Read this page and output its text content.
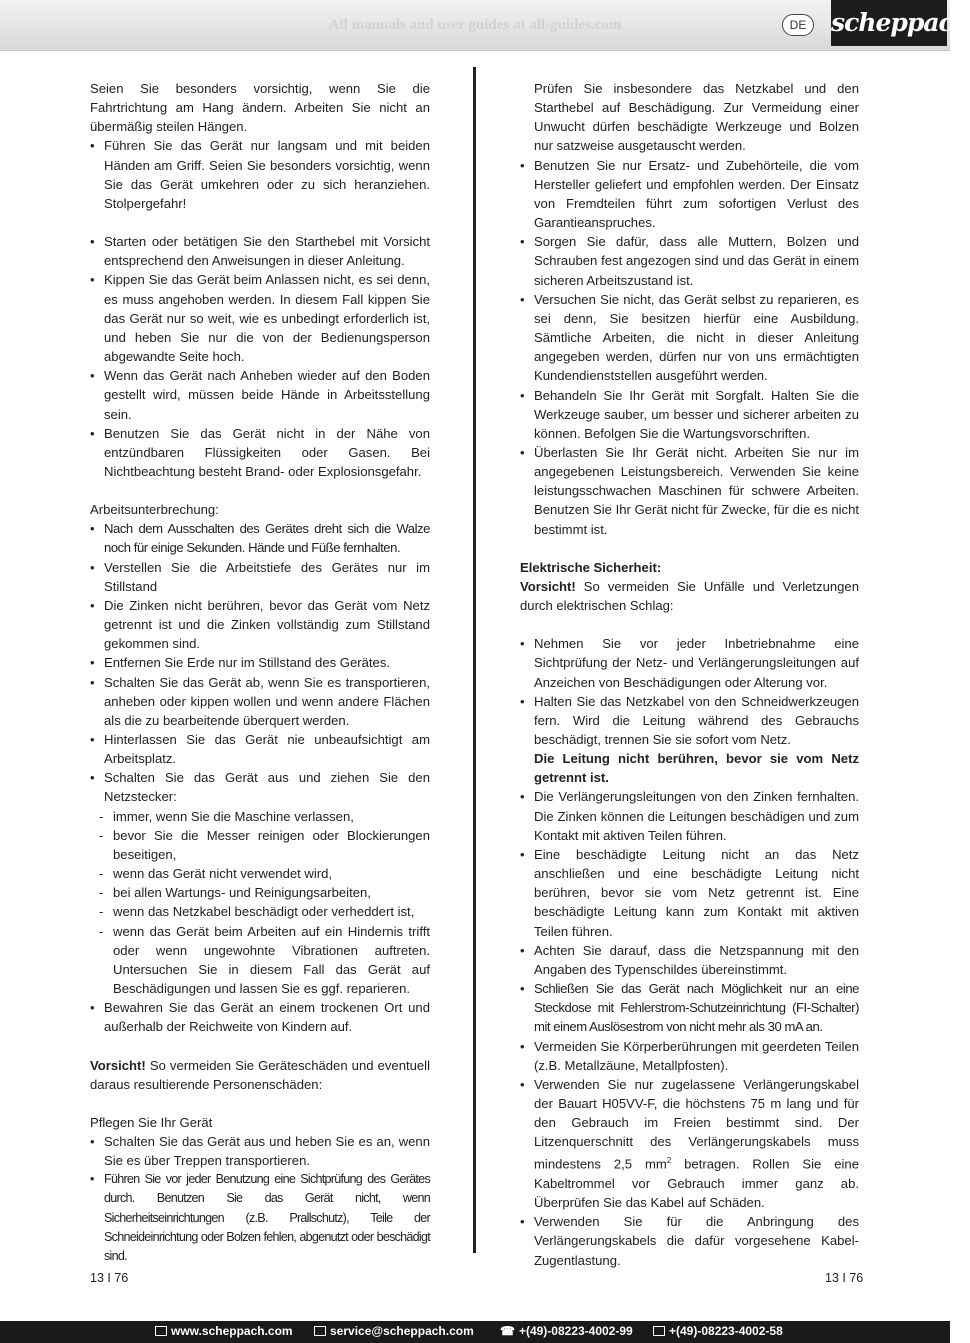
All manuals and user guides at all-guides.com	DE scheppach

Seien Sie besonders vorsichtig, wenn Sie die Fahrtrichtung am Hang ändern. Arbeiten Sie nicht an übermäßig steilen Hängen.

• Führen Sie das Gerät nur langsam und mit beiden Händen am Griff. Seien Sie besonders vorsichtig, wenn Sie das Gerät umkehren oder zu sich heranziehen. Stolpergefahr!
• Starten oder betätigen Sie den Starthebel mit Vorsicht entsprechend den Anweisungen in dieser Anleitung.
• Kippen Sie das Gerät beim Anlassen nicht, es sei denn, es muss angehoben werden. In diesem Fall kippen Sie das Gerät nur so weit, wie es unbedingt erforderlich ist, und heben Sie nur die von der Bedienungsperson abgewandte Seite hoch.
• Wenn das Gerät nach Anheben wieder auf den Boden gestellt wird, müssen beide Hände in Arbeitsstellung sein.
• Benutzen Sie das Gerät nicht in der Nähe von entzündbaren Flüssigkeiten oder Gasen. Bei Nichtbeachtung besteht Brand- oder Explosionsgefahr.

Arbeitsunterbrechung:

• Nach dem Ausschalten des Gerätes dreht sich die Walze noch für einige Sekunden. Hände und Füße fernhalten.
• Verstellen Sie die Arbeitstiefe des Gerätes nur im Stillstand
• Die Zinken nicht berühren, bevor das Gerät vom Netz getrennt ist und die Zinken vollständig zum Stillstand gekommen sind.
• Entfernen Sie Erde nur im Stillstand des Gerätes.
• Schalten Sie das Gerät ab, wenn Sie es transportieren, anheben oder kippen wollen und wenn andere Flächen als die zu bearbeitende überquert werden.
• Hinterlassen Sie das Gerät nie unbeaufsichtigt am Arbeitsplatz.
• Schalten Sie das Gerät aus und ziehen Sie den Netzstecker:
- immer, wenn Sie die Maschine verlassen,
- bevor Sie die Messer reinigen oder Blockierungen beseitigen,
- wenn das Gerät nicht verwendet wird,
- bei allen Wartungs- und Reinigungsarbeiten,
- wenn das Netzkabel beschädigt oder verheddert ist,
- wenn das Gerät beim Arbeiten auf ein Hindernis trifft oder wenn ungewohnte Vibrationen auftreten. Untersuchen Sie in diesem Fall das Gerät auf Beschädigungen und lassen Sie es ggf. reparieren.
• Bewahren Sie das Gerät an einem trockenen Ort und außerhalb der Reichweite von Kindern auf.

Vorsicht! So vermeiden Sie Geräteschäden und eventuell daraus resultierende Personenschäden:

Pflegen Sie Ihr Gerät

• Schalten Sie das Gerät aus und heben Sie es an, wenn Sie es über Treppen transportieren.
• Führen Sie vor jeder Benutzung eine Sichtprüfung des Gerätes durch. Benutzen Sie das Gerät nicht, wenn Sicherheitseinrichtungen (z.B. Prallschutz), Teile der Schneideinrichtung oder Bolzen fehlen, abgenutzt oder beschädigt sind.
Prüfen Sie insbesondere das Netzkabel und den Starthebel auf Beschädigung. Zur Vermeidung einer Unwucht dürfen beschädigte Werkzeuge und Bolzen nur satzweise ausgetauscht werden.
• Benutzen Sie nur Ersatz- und Zubehörteile, die vom Hersteller geliefert und empfohlen werden. Der Einsatz von Fremdteilen führt zum sofortigen Verlust des Garantieanspruches.
• Sorgen Sie dafür, dass alle Muttern, Bolzen und Schrauben fest angezogen sind und das Gerät in einem sicheren Arbeitszustand ist.
• Versuchen Sie nicht, das Gerät selbst zu reparieren, es sei denn, Sie besitzen hierfür eine Ausbildung. Sämtliche Arbeiten, die nicht in dieser Anleitung angegeben werden, dürfen nur von uns ermächtigten Kundendienststellen ausgeführt werden.
• Behandeln Sie Ihr Gerät mit Sorgfalt. Halten Sie die Werkzeuge sauber, um besser und sicherer arbeiten zu können. Befolgen Sie die Wartungsvorschriften.
• Überlasten Sie Ihr Gerät nicht. Arbeiten Sie nur im angegebenen Leistungsbereich. Verwenden Sie keine leistungsschwachen Maschinen für schwere Arbeiten. Benutzen Sie Ihr Gerät nicht für Zwecke, für die es nicht bestimmt ist.

Elektrische Sicherheit:

Vorsicht! So vermeiden Sie Unfälle und Verletzungen durch elektrischen Schlag:

• Nehmen Sie vor jeder Inbetriebnahme eine Sichtprüfung der Netz- und Verlängerungsleitungen auf Anzeichen von Beschädigungen oder Alterung vor.
• Halten Sie das Netzkabel von den Schneidwerkzeugen fern. Wird die Leitung während des Gebrauchs beschädigt, trennen Sie sie sofort vom Netz.
Die Leitung nicht berühren, bevor sie vom Netz getrennt ist.
• Die Verlängerungsleitungen von den Zinken fernhalten. Die Zinken können die Leitungen beschädigen und zum Kontakt mit aktiven Teilen führen.
• Eine beschädigte Leitung nicht an das Netz anschließen und eine beschädigte Leitung nicht berühren, bevor sie vom Netz getrennt ist. Eine beschädigte Leitung kann zum Kontakt mit aktiven Teilen führen.
• Achten Sie darauf, dass die Netzspannung mit den Angaben des Typenschildes übereinstimmt.
• Schließen Sie das Gerät nach Möglichkeit nur an eine Steckdose mit Fehlerstrom-Schutzeinrichtung (FI-Schalter) mit einem Auslösestrom von nicht mehr als 30 mA an.
• Vermeiden Sie Körperberührungen mit geerdeten Teilen (z.B. Metallzäune, Metallpfosten).
• Verwenden Sie nur zugelassene Verlängerungskabel der Bauart H05VV-F, die höchstens 75 m lang und für den Gebrauch im Freien bestimmt sind. Der Litzenquerschnitt des Verlängerungskabels muss mindestens 2,5 $mm^2$ betragen. Rollen Sie eine Kabeltrommel vor Gebrauch immer ganz ab. Überprüfen Sie das Kabel auf Schäden.
• Verwenden Sie für die Anbringung des Verlängerungskabels die dafür vorgesehene Kabel-Zugentlastung.
13 I 76	13 I 76
www.scheppach.com	service@scheppach.com ☎ +(49)-08223-4002-99	+(49)-08223-4002-58
